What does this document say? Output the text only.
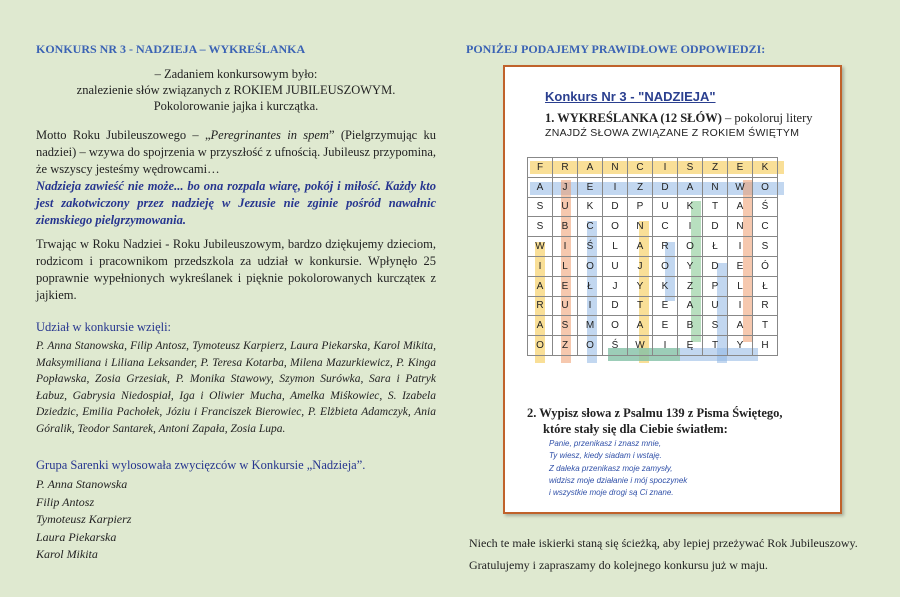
KONKURS NR 3 - NADZIEJA – WYKREŚLANKA
– Zadaniem konkursowym było:
znalezienie słów związanych z ROKIEM JUBILEUSZOWYM.
Pokolorowanie jajka i kurczątka.
Motto Roku Jubileuszowego – „Peregrinantes in spem” (Pielgrzymując ku nadziei) – wzywa do spojrzenia w przyszłość z ufnością. Jubileusz przypomina, że wszyscy jesteśmy wędrowcami…
Nadzieja zawieść nie może... bo ona rozpala wiarę, pokój i miłość. Każdy kto jest zakotwiczony przez nadzieję w Jezusie nie zginie pośród nawałnic ziemskiego pielgrzymowania.
Trwając w Roku Nadziei - Roku Jubileuszowym, bardzo dziękujemy dzieciom, rodzicom i pracownikom przedszkola za udział w konkursie. Wpłynęło 25 poprawnie wypełnionych wykreślanek i pięknie pokolorowanych kurcząteк z jajkiem.
Udział w konkursie wzięli:
P. Anna Stanowska, Filip Antosz, Tymoteusz Karpierz, Laura Piekarska, Karol Mikita, Maksymiliana i Liliana Leksander, P. Teresa Kotarba, Milena Mazurkiewicz, P. Kinga Popławska, Zosia Grzesiak, P. Monika Stawowy, Szymon Surówka, Sara i Patryk Łabuz, Gabrysia Niedospiał, Iga i Oliwier Mucha, Amelka Miśkowiec, S. Izabela Dziedzic, Emilia Pachołek, Józiu i Franciszek Bierowiec, P. Elżbieta Adamczyk, Ania Góralik, Teodor Santarek, Antoni Zapała, Zosia Lupa.
Grupa Sarenki wylosowała zwycięzców w Konkursie „Nadzieja”.
P. Anna Stanowska
Filip Antosz
Tymoteusz Karpierz
Laura Piekarska
Karol Mikita
PONIŻEJ PODAJEMY PRAWIDŁOWE ODPOWIEDZI:
Konkurs Nr 3 - "NADZIEJA"
1. WYKREŚLANKA (12 SŁÓW) – pokoloruj litery
ZNAJDŹ SŁOWA ZWIĄZANE Z ROKIEM ŚWIĘTYM
F	R	A	N	C	I	S	Z	E	K
A	J	E	I	Z	D	A	N	W	O
S	U	K	D	P	U	K	T	A	Ś
S	B	C	O	N	C	I	D	N	C
W	I	Ś	L	A	R	O	Ł	I	S
I	L	O	U	J	O	Y	D	E	Ó
A	E	Ł	J	Y	K	Z	P	L	Ł
R	U	I	D	T	E	A	U	I	R
A	S	M	O	A	E	B	S	A	T
O	Z	O	Ś	W	I	Ę	T	Y	H
2. Wypisz słowa z Psalmu 139 z Pisma Świętego,
które stały się dla Ciebie światłem:
Panie, przenikasz i znasz mnie,
Ty wiesz, kiedy siadam i wstaję.
Z daleka przenikasz moje zamysły,
widzisz moje działanie i mój spoczynek
i wszystkie moje drogi są Ci znane.
Niech te małe iskierki staną się ścieżką, aby lepiej przeżywać Rok Jubileuszowy.
Gratulujemy i zapraszamy do kolejnego konkursu już w maju.
